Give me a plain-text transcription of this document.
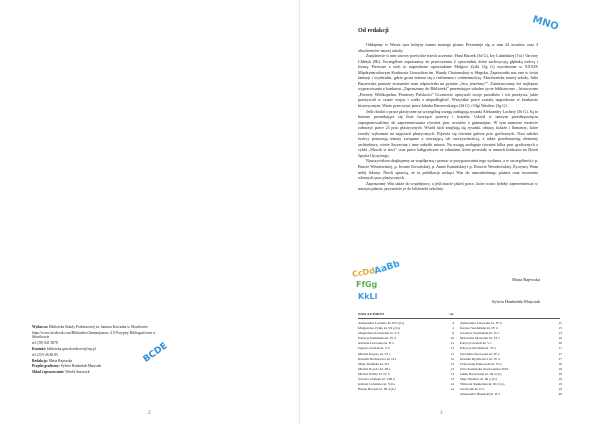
Wydawca: Biblioteka Szkoły Podstawowej nr. Janusza Korczaka w Słowikowie

https://www.facebook.com/Biblioteka Gimnazjum nr. 4 O Przypisy Bibliograficzne w Słowikowie

tel. (59) 841 0078

Kontakt: biblioteka.gim.slowikowo@wp.pl

tel. (0) 9 46 86 85

Redakcja: Maria Rajewska

Projekt graficzny: Sylwia Hankiełak-Matysiak

Skład i opracowanie: Witold Antoszyk

BCDE
2
MNO
Od redakcji

Oddajemy w Wasze ręce kolejny numer naszego pisma. Prezentuje się w nim 24 uczniów oraz 3 absolwentów naszej szkoły.

Znajdziecie w nim utwory poetyckie trzech uczennic: Hani Baczek (3d G), Izy Lubańskiej (7a) i Varvary Chłinyk (8b). Szczególnie zapraszamy do przeczytania 2 opowiadań, które zachwycają głęboką treścią i formą. Pierwsze z nich to nagrodzone opowiadanie Małgosi Zytki (3g G) wyróżnione w XXXIX Międzynarodowym Konkursie Literackim im. Wandy Chotomskiej w Słupsku. Zaprowadzi nas ono w świat fantazji i wyobraźni, gdzie groza miesza się z realizmem i codziennością. Absolwentka naszej szkoły, Julia Baczewska pomoże zrozumieć nam odpowiedzi na pytanie „Jacy jesteśmy?”. Zamieszczamy też najlepsze wypracowania z konkursu „Zapraszamy do Biblioteki” prezentujące szkolne życie biblioteczne – historyczne „Portrety Wielkopolan. Pionierzy Polskości” Uczniowie opisywali swoje przodków i ich przeżycia, jakie przeżywali w czasie wojny i walki o niepodległość. Wszystkie prace zostały nagrodzone w konkursie historycznym. Warto przeczytać prace Jakuba Baczewskiego (3d G) i Olgi Wasilew (3g G).

Jeśli chodzi o prace plastyczne na szczególną uwagę zasługują rysunki Aleksandry Lachety (3b G). Są to barwne przenikające się linie tworzące portrety i kształty. Udział w naszym przedsięwzięciu zaproponowaliśmy do zaprezentowania również prac uczniów z gimnazjum. W tym numerze możecie zobaczyć prace 23 prac plastycznych. Wśród nich znajdują się rysunki, obrazy, kolaże i flamastry, które zostały wykonane na zajęciach plastycznych. Pojawia się również galeria prac graficznych. Nasi młodzi twórcy poruszają tematy związane z otaczającą ich rzeczywistością, a także przedstawiają elementy architektury, wieże Szczecina i inne zabytki miasta. Na uwagę zasługuje również kilka prac graficznych z cyklu „Słowik w sieci” oraz prace kaligraficzne ze zdaniami, które powstały w ramach konkursu na Dzień Języka Ojczystego.

Nauczycielom dziękujemy za współpracę i pomoc w przygotowaniu tego wydania, a w szczególności: p. Beacie Wiśniewskiej, p. Iwonie Kowalskiej, p. Annie Kamińskiej i p. Dorocie Wesołowskiej. Życzymy Wam miłej lektury. Niech sprawią, że ta publikacja zachęci Was do samodzielnego pisania oraz tworzenia własnych prac plastycznych.

Zapraszamy Was także do współpracy, a jeśli macie jakieś prace, które warto byłoby zaprezentować w naszym piśmie, przynoście je do biblioteki szkolnej.

AaBb
CcDd
FfGg
KkLl
Maria Rajewska
Sylwia Hankiełak-Matysiak
NASI AUTORZY	str.
Aleksandra Lachetta kl. III b (G)	4
Małgorzata Zytka kl. III g (G)	4
Magdalena Kolodziak kl. V b	6
Patrycja Kamińska kl. IV d	10
Adriana Lisowska kl. II a	11
Jagoda Grzelak kl. V b	11
Michał Kopcio kl. VI c	11
Klaudia Borkiewicz kl. II a	12
Maja Zielińska kl. II a	13
Michał Kopcio kl. III a	13
Michał Wolny kl. IV b	13
Varvara Chłinyk kl. VIII b	13
Izabela Lubańska kl. VII a	14
Hanna Baczek kl. III d (G)	14
Aleksandra Lisowska kl. IV b	15
Kacper Szadziński kl. IV b	15
Jarosław Szymański kl. IV c	15
Marcelina Matysiak kl. VI a	16
Patrycja Arendt kl. V c	16
Patrycja Rosiński kl. VI a	17
Weronika Żurawska kl. IV e	17
Klaudia Rychlewicz kl. IV d	17
Franciszek Pełkowski kl. VI a	18
Julia Kasznicka absolwentka 2018	18
Jakub Baczewski kl. III d (G)	19
Olga Wasilew kl. III g (G)	19
Wiktoria Siekierska kl. III f (G)	19
Jan Kosik kl. II d	19
Aleksandra Hepnicki kl. II d	20
3
